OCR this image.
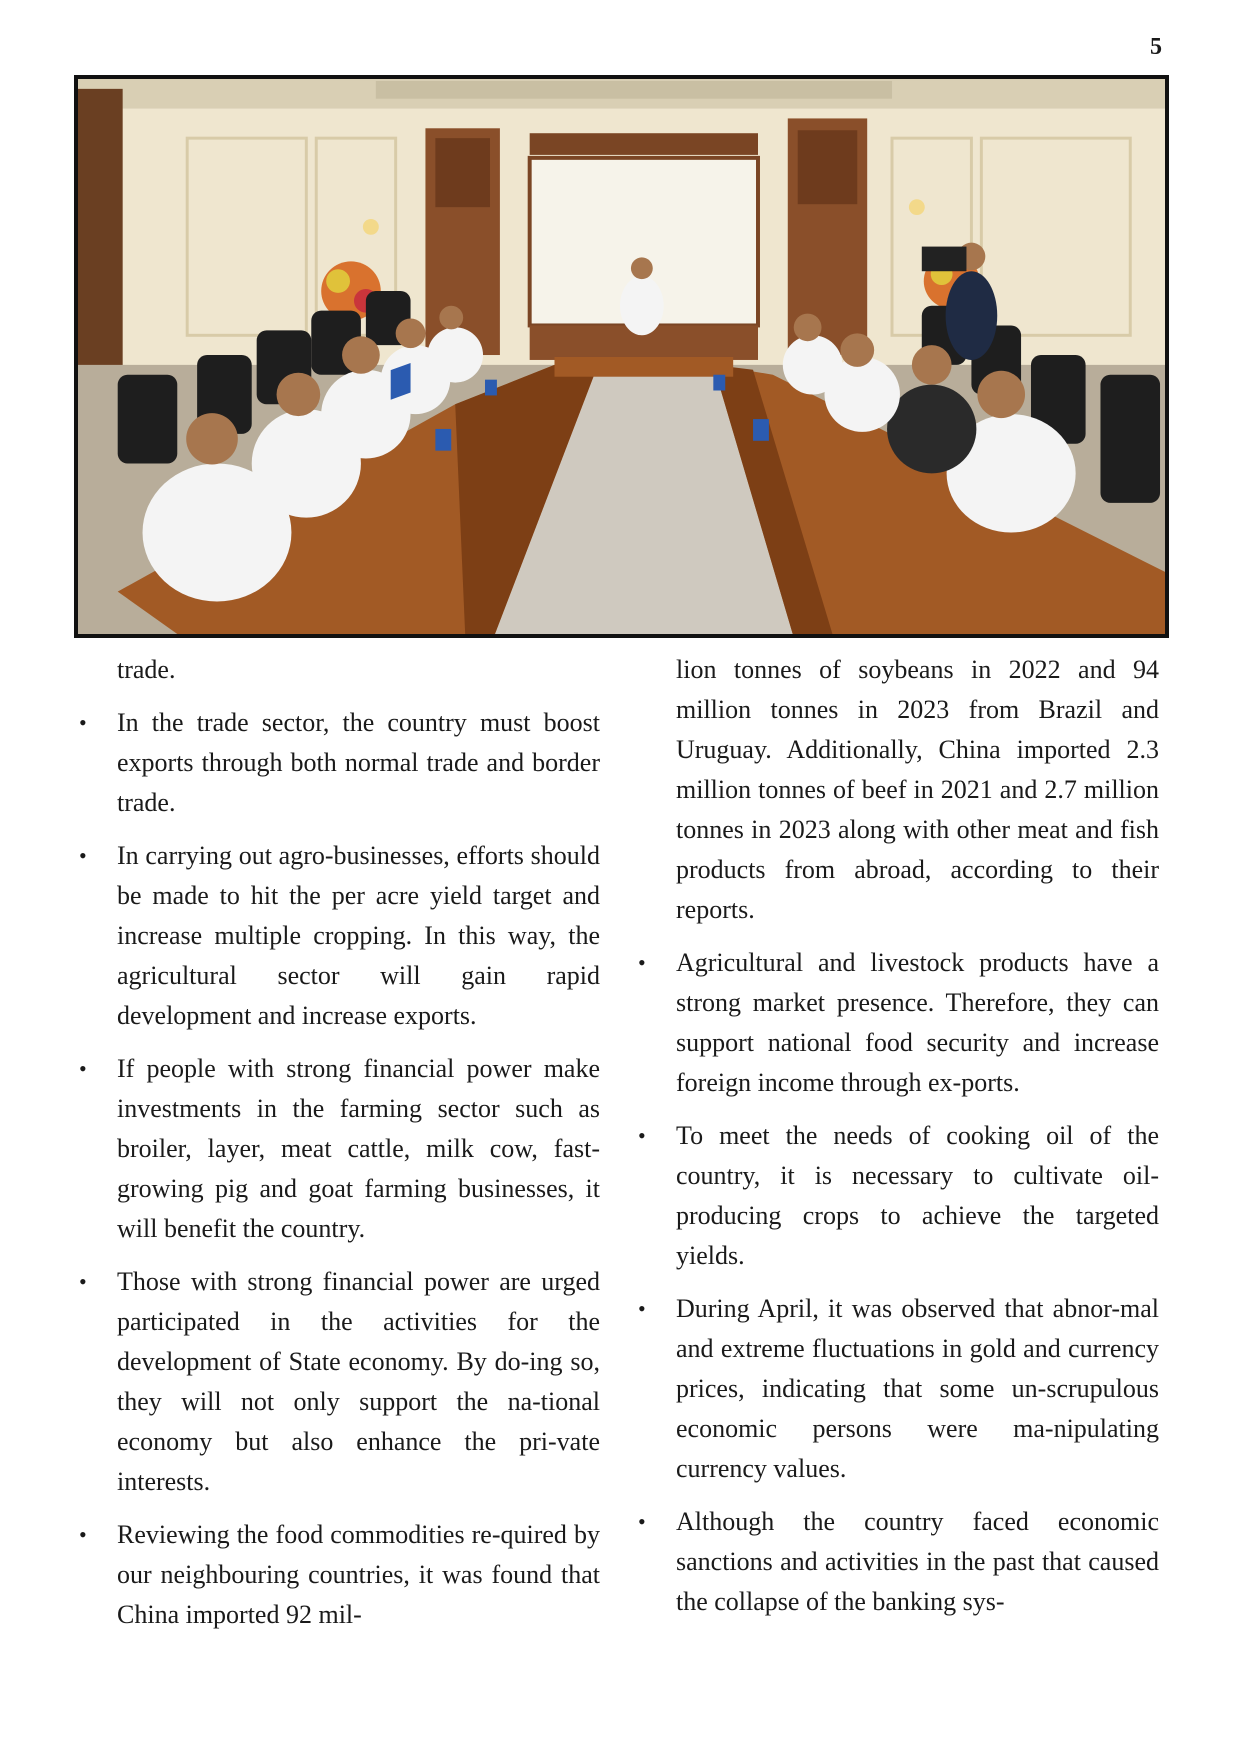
5

trade.

• In the trade sector, the country must boost exports through both normal trade and border trade.

• In carrying out agro-businesses, efforts should be made to hit the per acre yield target and increase multiple cropping. In this way, the agricultural sector will gain rapid development and increase exports.

• If people with strong financial power make investments in the farming sector such as broiler, layer, meat cattle, milk cow, fast-growing pig and goat farming businesses, it will benefit the country.

• Those with strong financial power are urged participated in the activities for the development of State economy. By do-ing so, they will not only support the na-tional economy but also enhance the pri-vate interests.

• Reviewing the food commodities re-quired by our neighbouring countries, it was found that China imported 92 mil-

lion tonnes of soybeans in 2022 and 94 million tonnes in 2023 from Brazil and Uruguay. Additionally, China imported 2.3 million tonnes of beef in 2021 and 2.7 million tonnes in 2023 along with other meat and fish products from abroad, according to their reports.

• Agricultural and livestock products have a strong market presence. Therefore, they can support national food security and increase foreign income through ex-ports.

• To meet the needs of cooking oil of the country, it is necessary to cultivate oil-producing crops to achieve the targeted yields.

• During April, it was observed that abnor-mal and extreme fluctuations in gold and currency prices, indicating that some un-scrupulous economic persons were ma-nipulating currency values.

• Although the country faced economic sanctions and activities in the past that caused the collapse of the banking sys-
